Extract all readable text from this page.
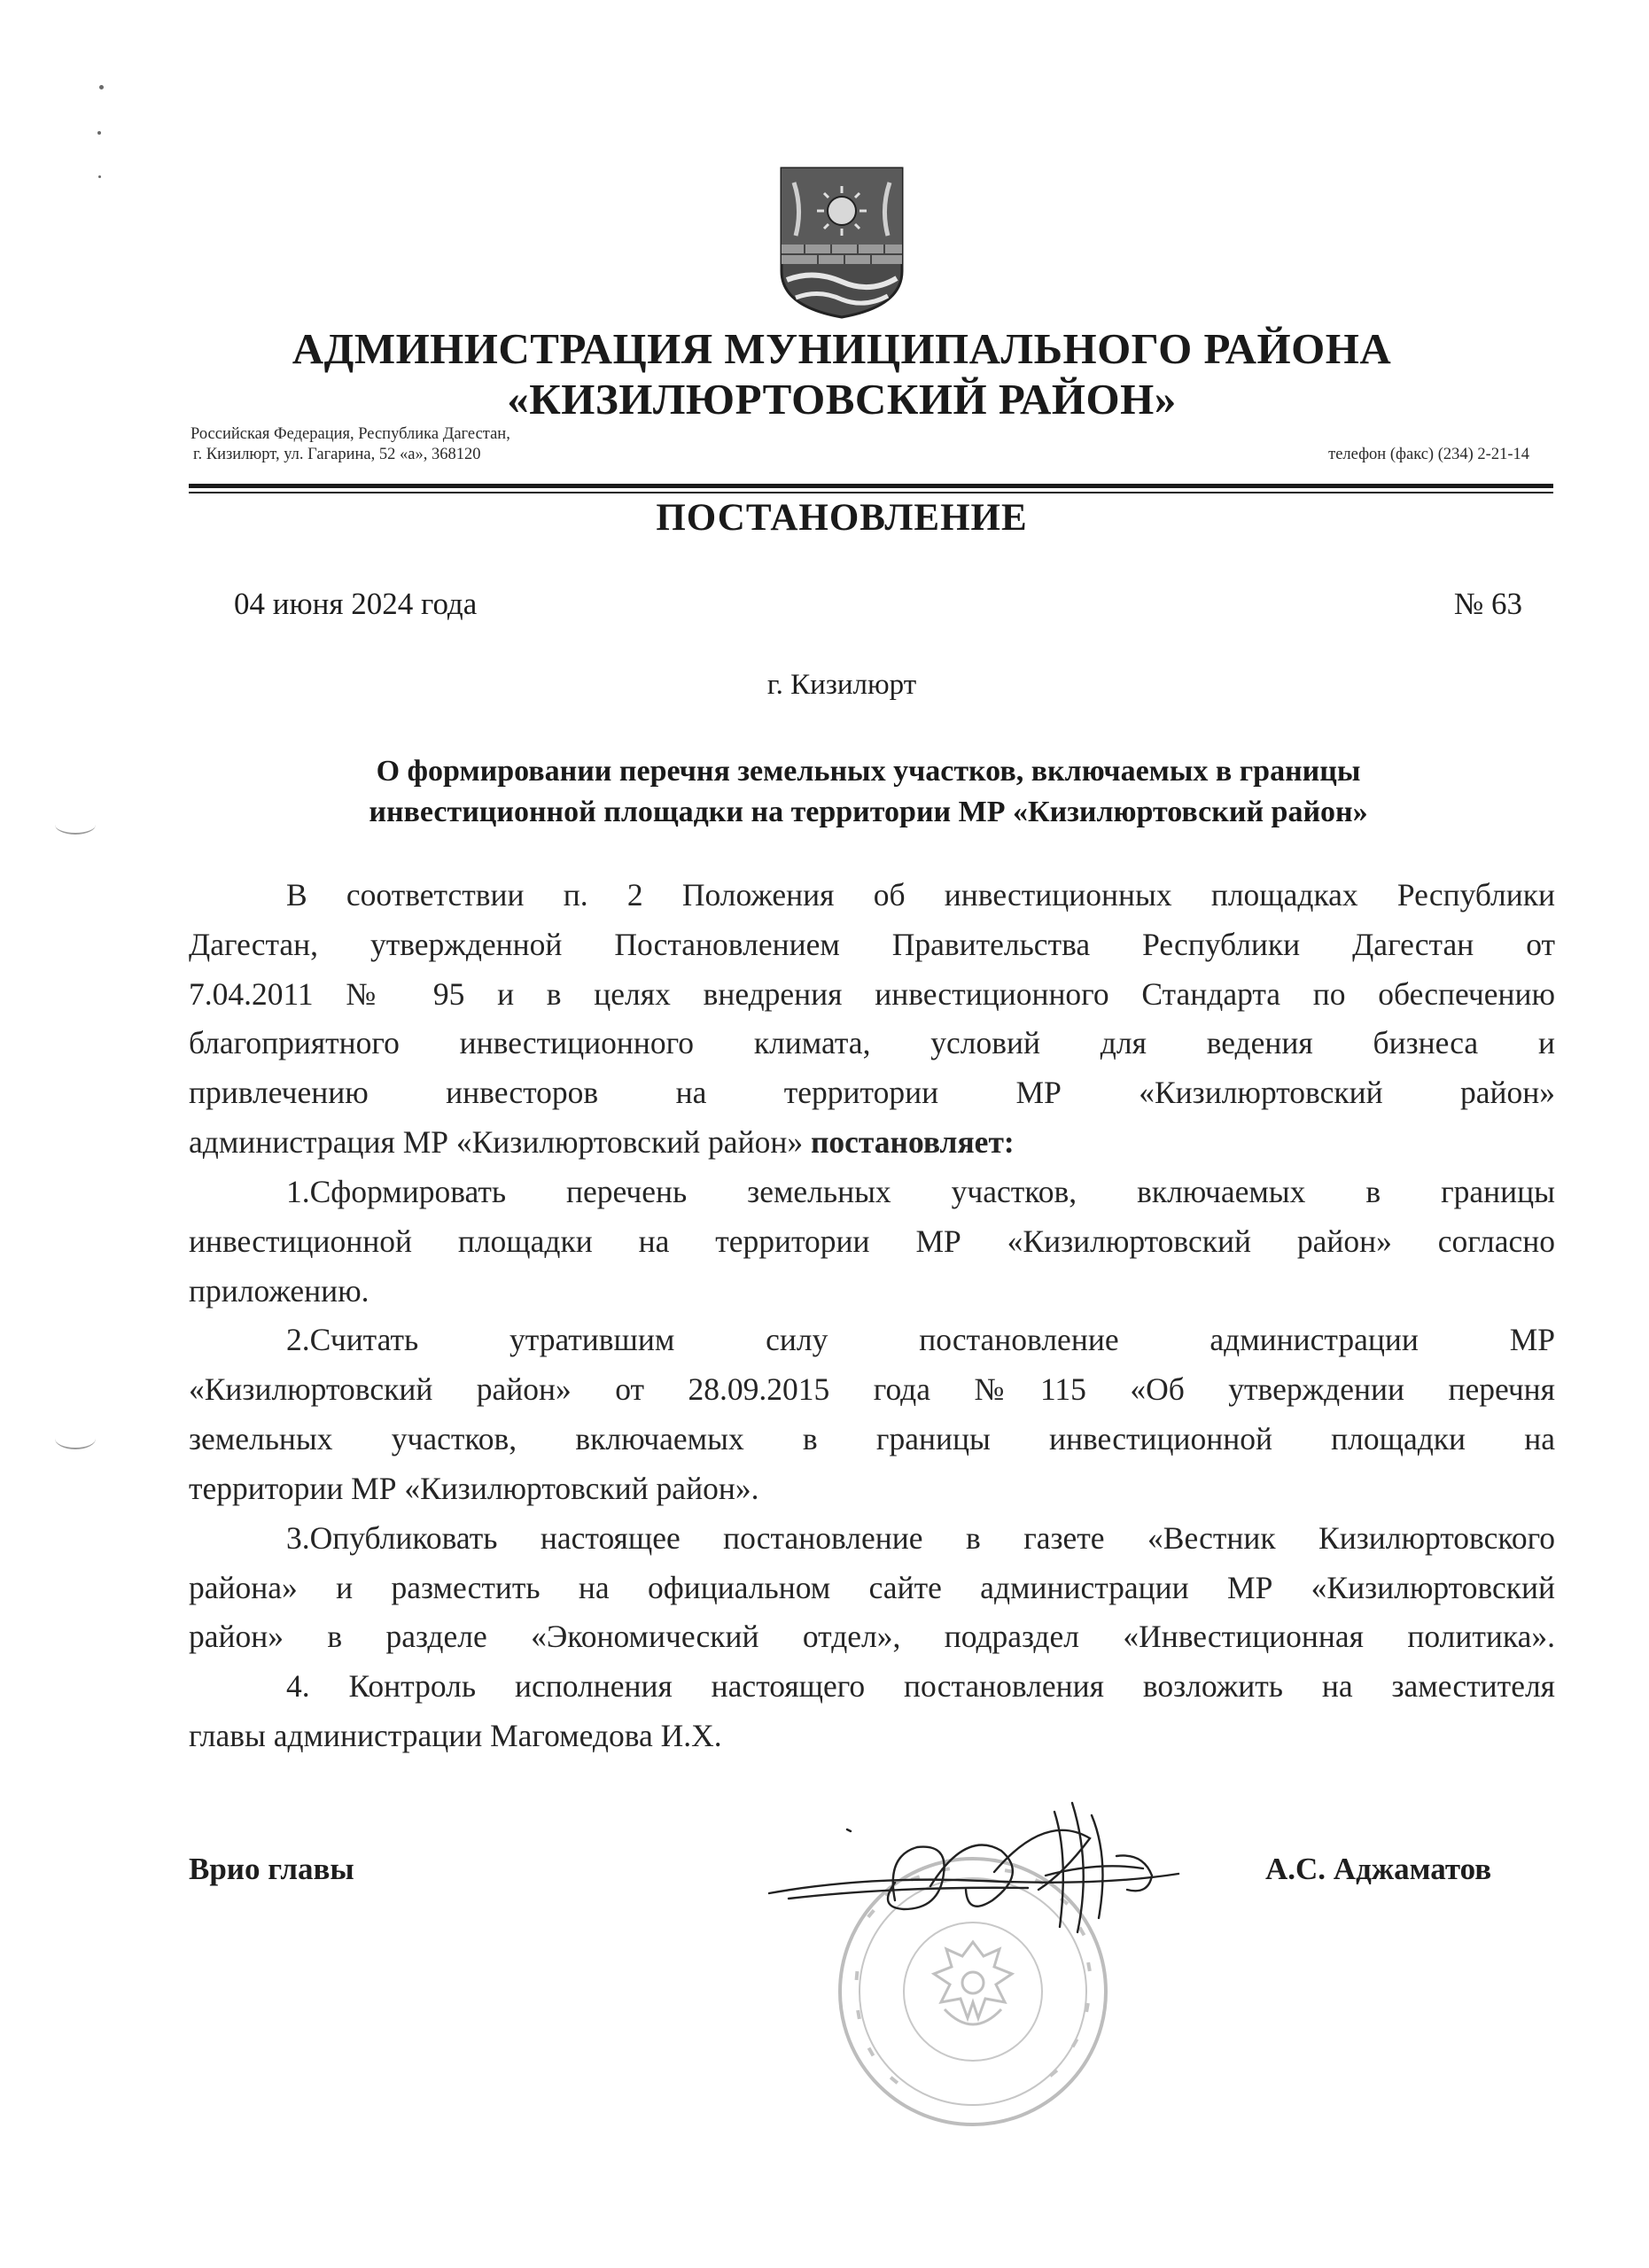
АДМИНИСТРАЦИЯ МУНИЦИПАЛЬНОГО РАЙОНА
«КИЗИЛЮРТОВСКИЙ РАЙОН»
Российская Федерация, Республика Дагестан,
г. Кизилюрт, ул. Гагарина, 52 «а», 368120	телефон (факс) (234) 2-21-14
ПОСТАНОВЛЕНИЕ
04 июня 2024 года	№ 63
г. Кизилюрт
О формировании перечня земельных участков, включаемых в границы
инвестиционной площадки на территории МР «Кизилюртовский район»
В соответствии п. 2 Положения об инвестиционных площадках Республики
Дагестан, утвержденной Постановлением Правительства Республики Дагестан от
7.04.2011 № 95 и в целях внедрения инвестиционного Стандарта по обеспечению
благоприятного инвестиционного климата, условий для ведения бизнеса и
привлечению инвесторов на территории МР «Кизилюртовский район»
администрация МР «Кизилюртовский район» постановляет:
1.Сформировать перечень земельных участков, включаемых в границы
инвестиционной площадки на территории МР «Кизилюртовский район» согласно
приложению.
2.Считать утратившим силу постановление администрации МР
«Кизилюртовский район» от 28.09.2015 года №115 «Об утверждении перечня
земельных участков, включаемых в границы инвестиционной площадки на
территории МР «Кизилюртовский район».
3.Опубликовать настоящее постановление в газете «Вестник Кизилюртовского
района» и разместить на официальном сайте администрации МР «Кизилюртовский
район» в разделе «Экономический отдел», подраздел «Инвестиционная политика».
4. Контроль исполнения настоящего постановления возложить на заместителя
главы администрации Магомедова И.Х.
Врио главы	А.С. Аджаматов
